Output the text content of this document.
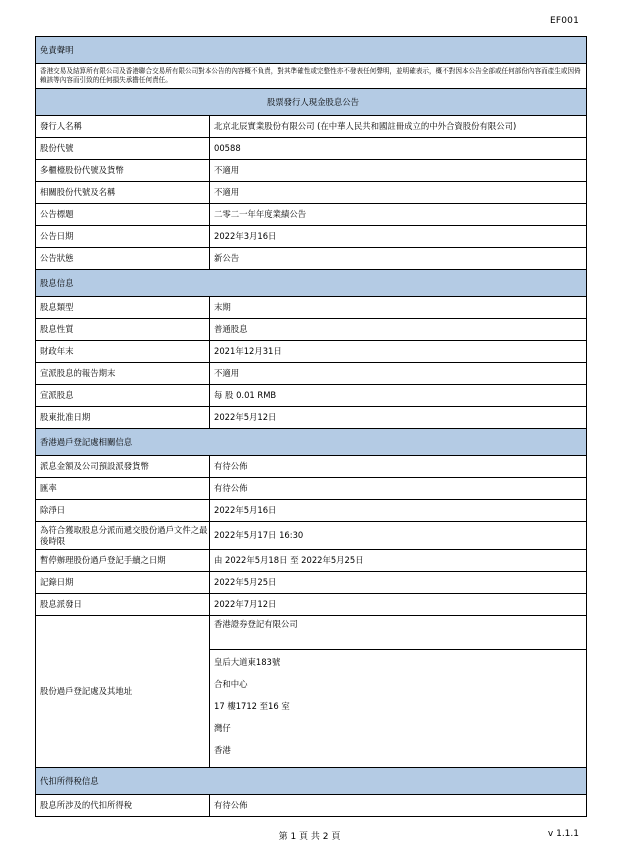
EF001
免責聲明	
香港交易及結算所有限公司及香港聯合交易所有限公司對本公告的內容概不負責，對其準確性或完整性亦不發表任何聲明，並明確表示，概不對因本公告全部或任何部份內容而產生或因倚賴該等內容而引致的任何損失承擔任何責任。	
股票發行人現金股息公告	
發行人名稱	北京北辰實業股份有限公司 (在中華人民共和國註冊成立的中外合資股份有限公司)
股份代號	00588
多櫃檯股份代號及貨幣	不適用
相關股份代號及名稱	不適用
公告標題	二零二一年年度業績公告
公告日期	2022年3月16日
公告狀態	新公告
股息信息	
股息類型	末期
股息性質	普通股息
財政年末	2021年12月31日
宣派股息的報告期末	不適用
宣派股息	每 股 0.01 RMB
股東批准日期	2022年5月12日
香港過戶登記處相關信息	
派息金額及公司預設派發貨幣	有待公佈
匯率	有待公佈
除淨日	2022年5月16日
為符合獲取股息分派而遞交股份過戶文件之最後時限	2022年5月17日 16:30
暫停辦理股份過戶登記手續之日期	由 2022年5月18日 至 2022年5月25日
記錄日期	2022年5月25日
股息派發日	2022年7月12日
股份過戶登記處及其地址	香港證券登記有限公司

	皇后大道東183號
合和中心
17 樓1712 至16 室
灣仔
香港

代扣所得稅信息	
股息所涉及的代扣所得稅	有待公佈
第 1 頁 共 2 頁	v 1.1.1
